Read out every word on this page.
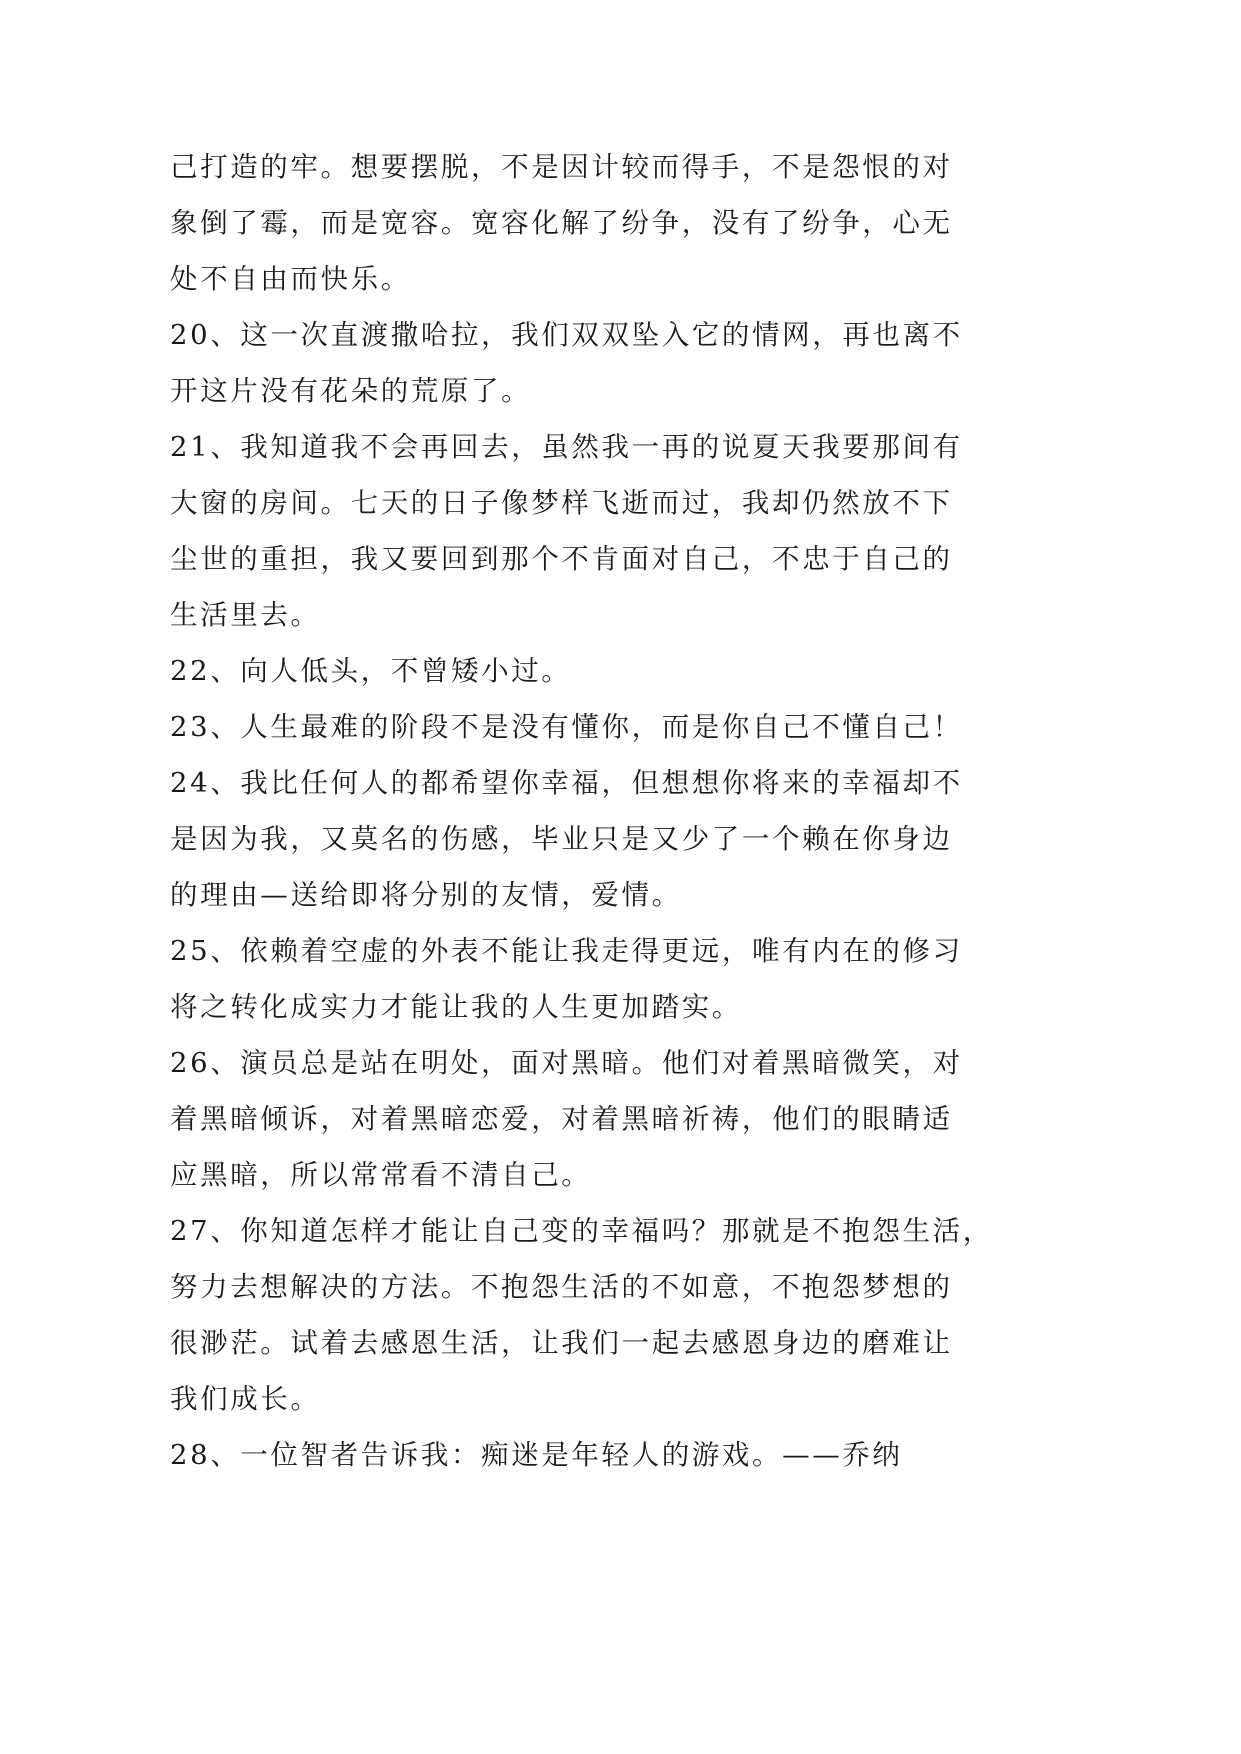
己打造的牢。想要摆脱，不是因计较而得手，不是怨恨的对
象倒了霉，而是宽容。宽容化解了纷争，没有了纷争，心无
处不自由而快乐。
20、这一次直渡撒哈拉，我们双双坠入它的情网，再也离不
开这片没有花朵的荒原了。
21、我知道我不会再回去，虽然我一再的说夏天我要那间有
大窗的房间。七天的日子像梦样飞逝而过，我却仍然放不下
尘世的重担，我又要回到那个不肯面对自己，不忠于自己的
生活里去。
22、向人低头，不曾矮小过。
23、人生最难的阶段不是没有懂你，而是你自己不懂自己！
24、我比任何人的都希望你幸福，但想想你将来的幸福却不
是因为我，又莫名的伤感，毕业只是又少了一个赖在你身边
的理由—送给即将分别的友情，爱情。
25、依赖着空虚的外表不能让我走得更远，唯有内在的修习
将之转化成实力才能让我的人生更加踏实。
26、演员总是站在明处，面对黑暗。他们对着黑暗微笑，对
着黑暗倾诉，对着黑暗恋爱，对着黑暗祈祷，他们的眼睛适
应黑暗，所以常常看不清自己。
27、你知道怎样才能让自己变的幸福吗？那就是不抱怨生活，
努力去想解决的方法。不抱怨生活的不如意，不抱怨梦想的
很渺茫。试着去感恩生活，让我们一起去感恩身边的磨难让
我们成长。
28、一位智者告诉我：痴迷是年轻人的游戏。——乔纳
